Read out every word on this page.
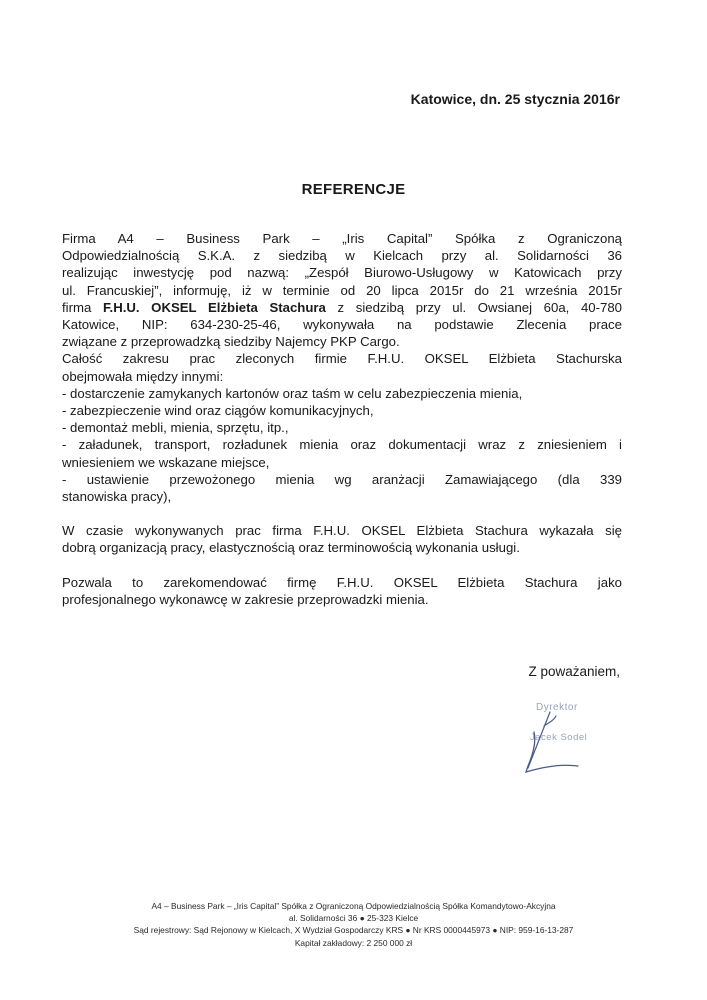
Katowice, dn. 25 stycznia 2016r
REFERENCJE

Firma A4 – Business Park – „Iris Capital” Spółka z Ograniczoną

Odpowiedzialnością S.K.A. z siedzibą w Kielcach przy al. Solidarności 36

realizując inwestycję pod nazwą: „Zespół Biurowo-Usługowy w Katowicach przy

ul. Francuskiej”, informuję, iż w terminie od 20 lipca 2015r do 21 września 2015r

firma F.H.U. OKSEL Elżbieta Stachura z siedzibą przy ul. Owsianej 60a, 40-780

Katowice, NIP: 634-230-25-46, wykonywała na podstawie Zlecenia prace

związane z przeprowadzką siedziby Najemcy PKP Cargo.

Całość zakresu prac zleconych firmie F.H.U. OKSEL Elżbieta Stachurska

obejmowała między innymi:

- dostarczenie zamykanych kartonów oraz taśm w celu zabezpieczenia mienia,

- zabezpieczenie wind oraz ciągów komunikacyjnych,

- demontaż mebli, mienia, sprzętu, itp.,

- załadunek, transport, rozładunek mienia oraz dokumentacji wraz z zniesieniem i

wniesieniem we wskazane miejsce,

- ustawienie przewożonego mienia wg aranżacji Zamawiającego (dla 339

stanowiska pracy),

W czasie wykonywanych prac firma F.H.U. OKSEL Elżbieta Stachura wykazała się

dobrą organizacją pracy, elastycznością oraz terminowością wykonania usługi.

Pozwala to zarekomendować firmę F.H.U. OKSEL Elżbieta Stachura jako

profesjonalnego wykonawcę w zakresie przeprowadzki mienia.

Z poważaniem,
Dyrektor
Jacek Sodel
A4 – Business Park – „Iris Capital” Spółka z Ograniczoną Odpowiedzialnością Spółka Komandytowo-Akcyjna
al. Solidarności 36 ● 25-323 Kielce
Sąd rejestrowy: Sąd Rejonowy w Kielcach, X Wydział Gospodarczy KRS ● Nr KRS 0000445973 ● NIP: 959-16-13-287
Kapitał zakładowy: 2 250 000 zł
